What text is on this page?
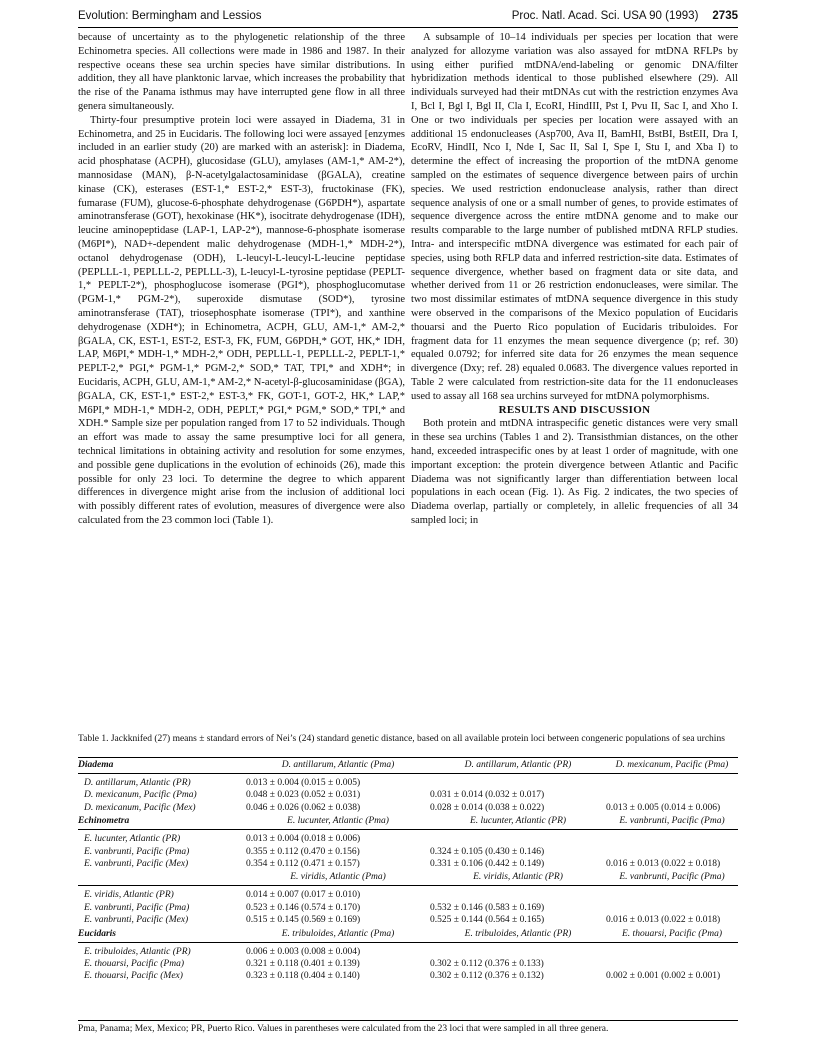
Evolution: Bermingham and Lessios	Proc. Natl. Acad. Sci. USA 90 (1993) 2735

because of uncertainty as to the phylogenetic relationship of the three Echinometra species. All collections were made in 1986 and 1987. In their respective oceans these sea urchin species have similar distributions. In addition, they all have planktonic larvae, which increases the probability that the rise of the Panama isthmus may have interrupted gene flow in all three genera simultaneously.

Thirty-four presumptive protein loci were assayed in Diadema, 31 in Echinometra, and 25 in Eucidaris. The following loci were assayed [enzymes included in an earlier study (20) are marked with an asterisk]: in Diadema, acid phosphatase (ACPH), glucosidase (GLU), amylases (AM-1,* AM-2*), mannosidase (MAN), β-N-acetylgalactosaminidase (βGALA), creatine kinase (CK), esterases (EST-1,* EST-2,* EST-3), fructokinase (FK), fumarase (FUM), glucose-6-phosphate dehydrogenase (G6PDH*), aspartate aminotransferase (GOT), hexokinase (HK*), isocitrate dehydrogenase (IDH), leucine aminopeptidase (LAP-1, LAP-2*), mannose-6-phosphate isomerase (M6PI*), NAD+-dependent malic dehydrogenase (MDH-1,* MDH-2*), octanol dehydrogenase (ODH), L-leucyl-L-leucyl-L-leucine peptidase (PEPLLL-1, PEPLLL-2, PEPLLL-3), L-leucyl-L-tyrosine peptidase (PEPLT-1,* PEPLT-2*), phosphoglucose isomerase (PGI*), phosphoglucomutase (PGM-1,* PGM-2*), superoxide dismutase (SOD*), tyrosine aminotransferase (TAT), triosephosphate isomerase (TPI*), and xanthine dehydrogenase (XDH*); in Echinometra, ACPH, GLU, AM-1,* AM-2,* βGALA, CK, EST-1, EST-2, EST-3, FK, FUM, G6PDH,* GOT, HK,* IDH, LAP, M6PI,* MDH-1,* MDH-2,* ODH, PEPLLL-1, PEPLLL-2, PEPLT-1,* PEPLT-2,* PGI,* PGM-1,* PGM-2,* SOD,* TAT, TPI,* and XDH*; in Eucidaris, ACPH, GLU, AM-1,* AM-2,* N-acetyl-β-glucosaminidase (βGA), βGALA, CK, EST-1,* EST-2,* EST-3,* FK, GOT-1, GOT-2, HK,* LAP,* M6PI,* MDH-1,* MDH-2, ODH, PEPLT,* PGI,* PGM,* SOD,* TPI,* and XDH.* Sample size per population ranged from 17 to 52 individuals. Though an effort was made to assay the same presumptive loci for all genera, technical limitations in obtaining activity and resolution for some enzymes, and possible gene duplications in the evolution of echinoids (26), made this possible for only 23 loci. To determine the degree to which apparent differences in divergence might arise from the inclusion of additional loci with possibly different rates of evolution, measures of divergence were also calculated from the 23 common loci (Table 1).

A subsample of 10–14 individuals per species per location that were analyzed for allozyme variation was also assayed for mtDNA RFLPs by using either purified mtDNA/end-labeling or genomic DNA/filter hybridization methods identical to those published elsewhere (29). All individuals surveyed had their mtDNAs cut with the restriction enzymes Ava I, Bcl I, Bgl I, Bgl II, Cla I, EcoRI, HindIII, Pst I, Pvu II, Sac I, and Xho I. One or two individuals per species per location were assayed with an additional 15 endonucleases (Asp700, Ava II, BamHI, BstBI, BstEII, Dra I, EcoRV, HindII, Nco I, Nde I, Sac II, Sal I, Spe I, Stu I, and Xba I) to determine the effect of increasing the proportion of the mtDNA genome sampled on the estimates of sequence divergence between pairs of urchin species. We used restriction endonuclease analysis, rather than direct sequence analysis of one or a small number of genes, to provide estimates of sequence divergence across the entire mtDNA genome and to make our results comparable to the large number of published mtDNA RFLP studies. Intra- and interspecific mtDNA divergence was estimated for each pair of species, using both RFLP data and inferred restriction-site data. Estimates of sequence divergence, whether based on fragment data or site data, and whether derived from 11 or 26 restriction endonucleases, were similar. The two most dissimilar estimates of mtDNA sequence divergence in this study were observed in the comparisons of the Mexico population of Eucidaris thouarsi and the Puerto Rico population of Eucidaris tribuloides. For fragment data for 11 enzymes the mean sequence divergence (p; ref. 30) equaled 0.0792; for inferred site data for 26 enzymes the mean sequence divergence (Dxy; ref. 28) equaled 0.0683. The divergence values reported in Table 2 were calculated from restriction-site data for the 11 endonucleases used to assay all 168 sea urchins surveyed for mtDNA polymorphisms.

RESULTS AND DISCUSSION

Both protein and mtDNA intraspecific genetic distances were very small in these sea urchins (Tables 1 and 2). Transisthmian distances, on the other hand, exceeded intraspecific ones by at least 1 order of magnitude, with one important exception: the protein divergence between Atlantic and Pacific Diadema was not significantly larger than differentiation between local populations in each ocean (Fig. 1). As Fig. 2 indicates, the two species of Diadema overlap, partially or completely, in allelic frequencies of all 34 sampled loci; in

Table 1. Jackknifed (27) means ± standard errors of Nei’s (24) standard genetic distance, based on all available protein loci between congeneric populations of sea urchins
Diadema	D. antillarum, Atlantic (Pma)	D. antillarum, Atlantic (PR)	D. mexicanum, Pacific (Pma)
D. antillarum, Atlantic (PR)	0.013 ± 0.004 (0.015 ± 0.005)
D. mexicanum, Pacific (Pma)	0.048 ± 0.023 (0.052 ± 0.031)	0.031 ± 0.014 (0.032 ± 0.017)
D. mexicanum, Pacific (Mex)	0.046 ± 0.026 (0.062 ± 0.038)	0.028 ± 0.014 (0.038 ± 0.022)	0.013 ± 0.005 (0.014 ± 0.006)
Echinometra	E. lucunter, Atlantic (Pma)	E. lucunter, Atlantic (PR)	E. vanbrunti, Pacific (Pma)
E. lucunter, Atlantic (PR)	0.013 ± 0.004 (0.018 ± 0.006)
E. vanbrunti, Pacific (Pma)	0.355 ± 0.112 (0.470 ± 0.156)	0.324 ± 0.105 (0.430 ± 0.146)
E. vanbrunti, Pacific (Mex)	0.354 ± 0.112 (0.471 ± 0.157)	0.331 ± 0.106 (0.442 ± 0.149)	0.016 ± 0.013 (0.022 ± 0.018)
E. viridis, Atlantic (Pma)	E. viridis, Atlantic (PR)	E. vanbrunti, Pacific (Pma)
E. viridis, Atlantic (PR)	0.014 ± 0.007 (0.017 ± 0.010)
E. vanbrunti, Pacific (Pma)	0.523 ± 0.146 (0.574 ± 0.170)	0.532 ± 0.146 (0.583 ± 0.169)
E. vanbrunti, Pacific (Mex)	0.515 ± 0.145 (0.569 ± 0.169)	0.525 ± 0.144 (0.564 ± 0.165)	0.016 ± 0.013 (0.022 ± 0.018)
Eucidaris	E. tribuloides, Atlantic (Pma)	E. tribuloides, Atlantic (PR)	E. thouarsi, Pacific (Pma)
E. tribuloides, Atlantic (PR)	0.006 ± 0.003 (0.008 ± 0.004)
E. thouarsi, Pacific (Pma)	0.321 ± 0.118 (0.401 ± 0.139)	0.302 ± 0.112 (0.376 ± 0.133)
E. thouarsi, Pacific (Mex)	0.323 ± 0.118 (0.404 ± 0.140)	0.302 ± 0.112 (0.376 ± 0.132)	0.002 ± 0.001 (0.002 ± 0.001)
Pma, Panama; Mex, Mexico; PR, Puerto Rico. Values in parentheses were calculated from the 23 loci that were sampled in all three genera.
